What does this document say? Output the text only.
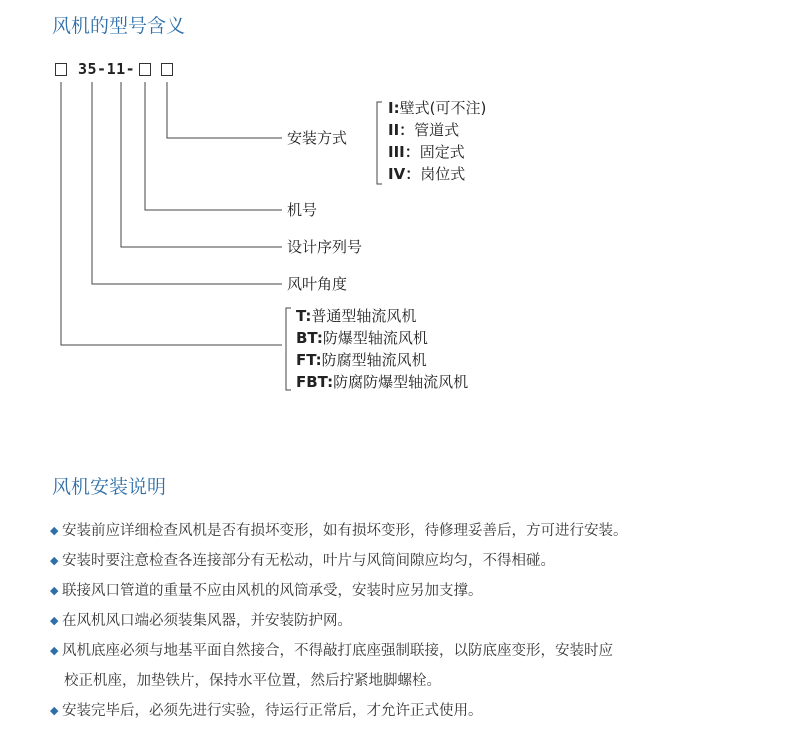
风机的型号含义
35-11-
安装方式
I:壁式(可不注)
II：管道式
III：固定式
IV：岗位式
机号
设计序列号
风叶角度
T:普通型轴流风机
BT:防爆型轴流风机
FT:防腐型轴流风机
FBT:防腐防爆型轴流风机
风机安装说明
◆ 安装前应详细检查风机是否有损坏变形，如有损坏变形，待修理妥善后，方可进行安装。
◆ 安装时要注意检查各连接部分有无松动，叶片与风筒间隙应均匀，不得相碰。
◆ 联接风口管道的重量不应由风机的风筒承受，安装时应另加支撑。
◆ 在风机风口端必须装集风器，并安装防护网。
◆ 风机底座必须与地基平面自然接合，不得敲打底座强制联接，以防底座变形，安装时应
校正机座，加垫铁片，保持水平位置，然后拧紧地脚螺栓。
◆ 安装完毕后，必须先进行实验，待运行正常后，才允许正式使用。
